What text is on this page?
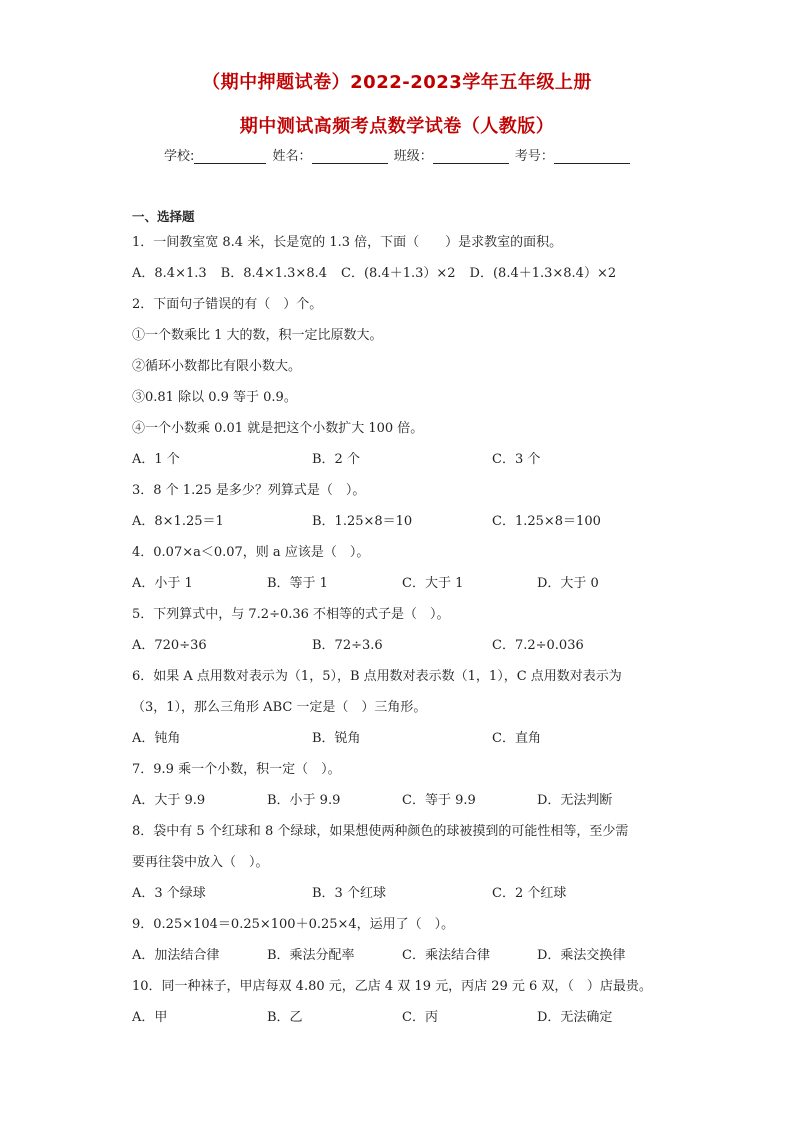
（期中押题试卷）2022-2023学年五年级上册
期中测试高频考点数学试卷（人教版）
学校:	姓名：	班级：	考号：
一、选择题
1．一间教室宽 8.4 米，长是宽的 1.3 倍，下面（　　）是求教室的面积。
A．8.4×1.3 B．8.4×1.3×8.4 C．(8.4＋1.3）×2 D．(8.4＋1.3×8.4）×2
2．下面句子错误的有（　）个。
①一个数乘比 1 大的数，积一定比原数大。
②循环小数都比有限小数大。
③0.81 除以 0.9 等于 0.9。
④一个小数乘 0.01 就是把这个小数扩大 100 倍。
A．1 个	B．2 个	C．3 个
3．8 个 1.25 是多少？列算式是（　）。
A．8×1.25＝1	B．1.25×8＝10	C．1.25×8＝100
4．0.07×a＜0.07，则 a 应该是（　）。
A．小于 1	B．等于 1	C．大于 1	D．大于 0
5．下列算式中，与 7.2÷0.36 不相等的式子是（　）。
A．720÷36	B．72÷3.6	C．7.2÷0.036
6．如果 A 点用数对表示为（1，5），B 点用数对表示数（1，1），C 点用数对表示为
（3，1），那么三角形 ABC 一定是（　）三角形。
A．钝角	B．锐角	C．直角
7．9.9 乘一个小数，积一定（　）。
A．大于 9.9	B．小于 9.9	C．等于 9.9	D．无法判断
8．袋中有 5 个红球和 8 个绿球，如果想使两种颜色的球被摸到的可能性相等，至少需
要再往袋中放入（　）。
A．3 个绿球	B．3 个红球	C．2 个红球
9．0.25×104＝0.25×100＋0.25×4，运用了（　）。
A．加法结合律	B．乘法分配率	C．乘法结合律	D．乘法交换律
10．同一种袜子，甲店每双 4.80 元，乙店 4 双 19 元，丙店 29 元 6 双，（　）店最贵。
A．甲	B．乙	C．丙	D．无法确定
